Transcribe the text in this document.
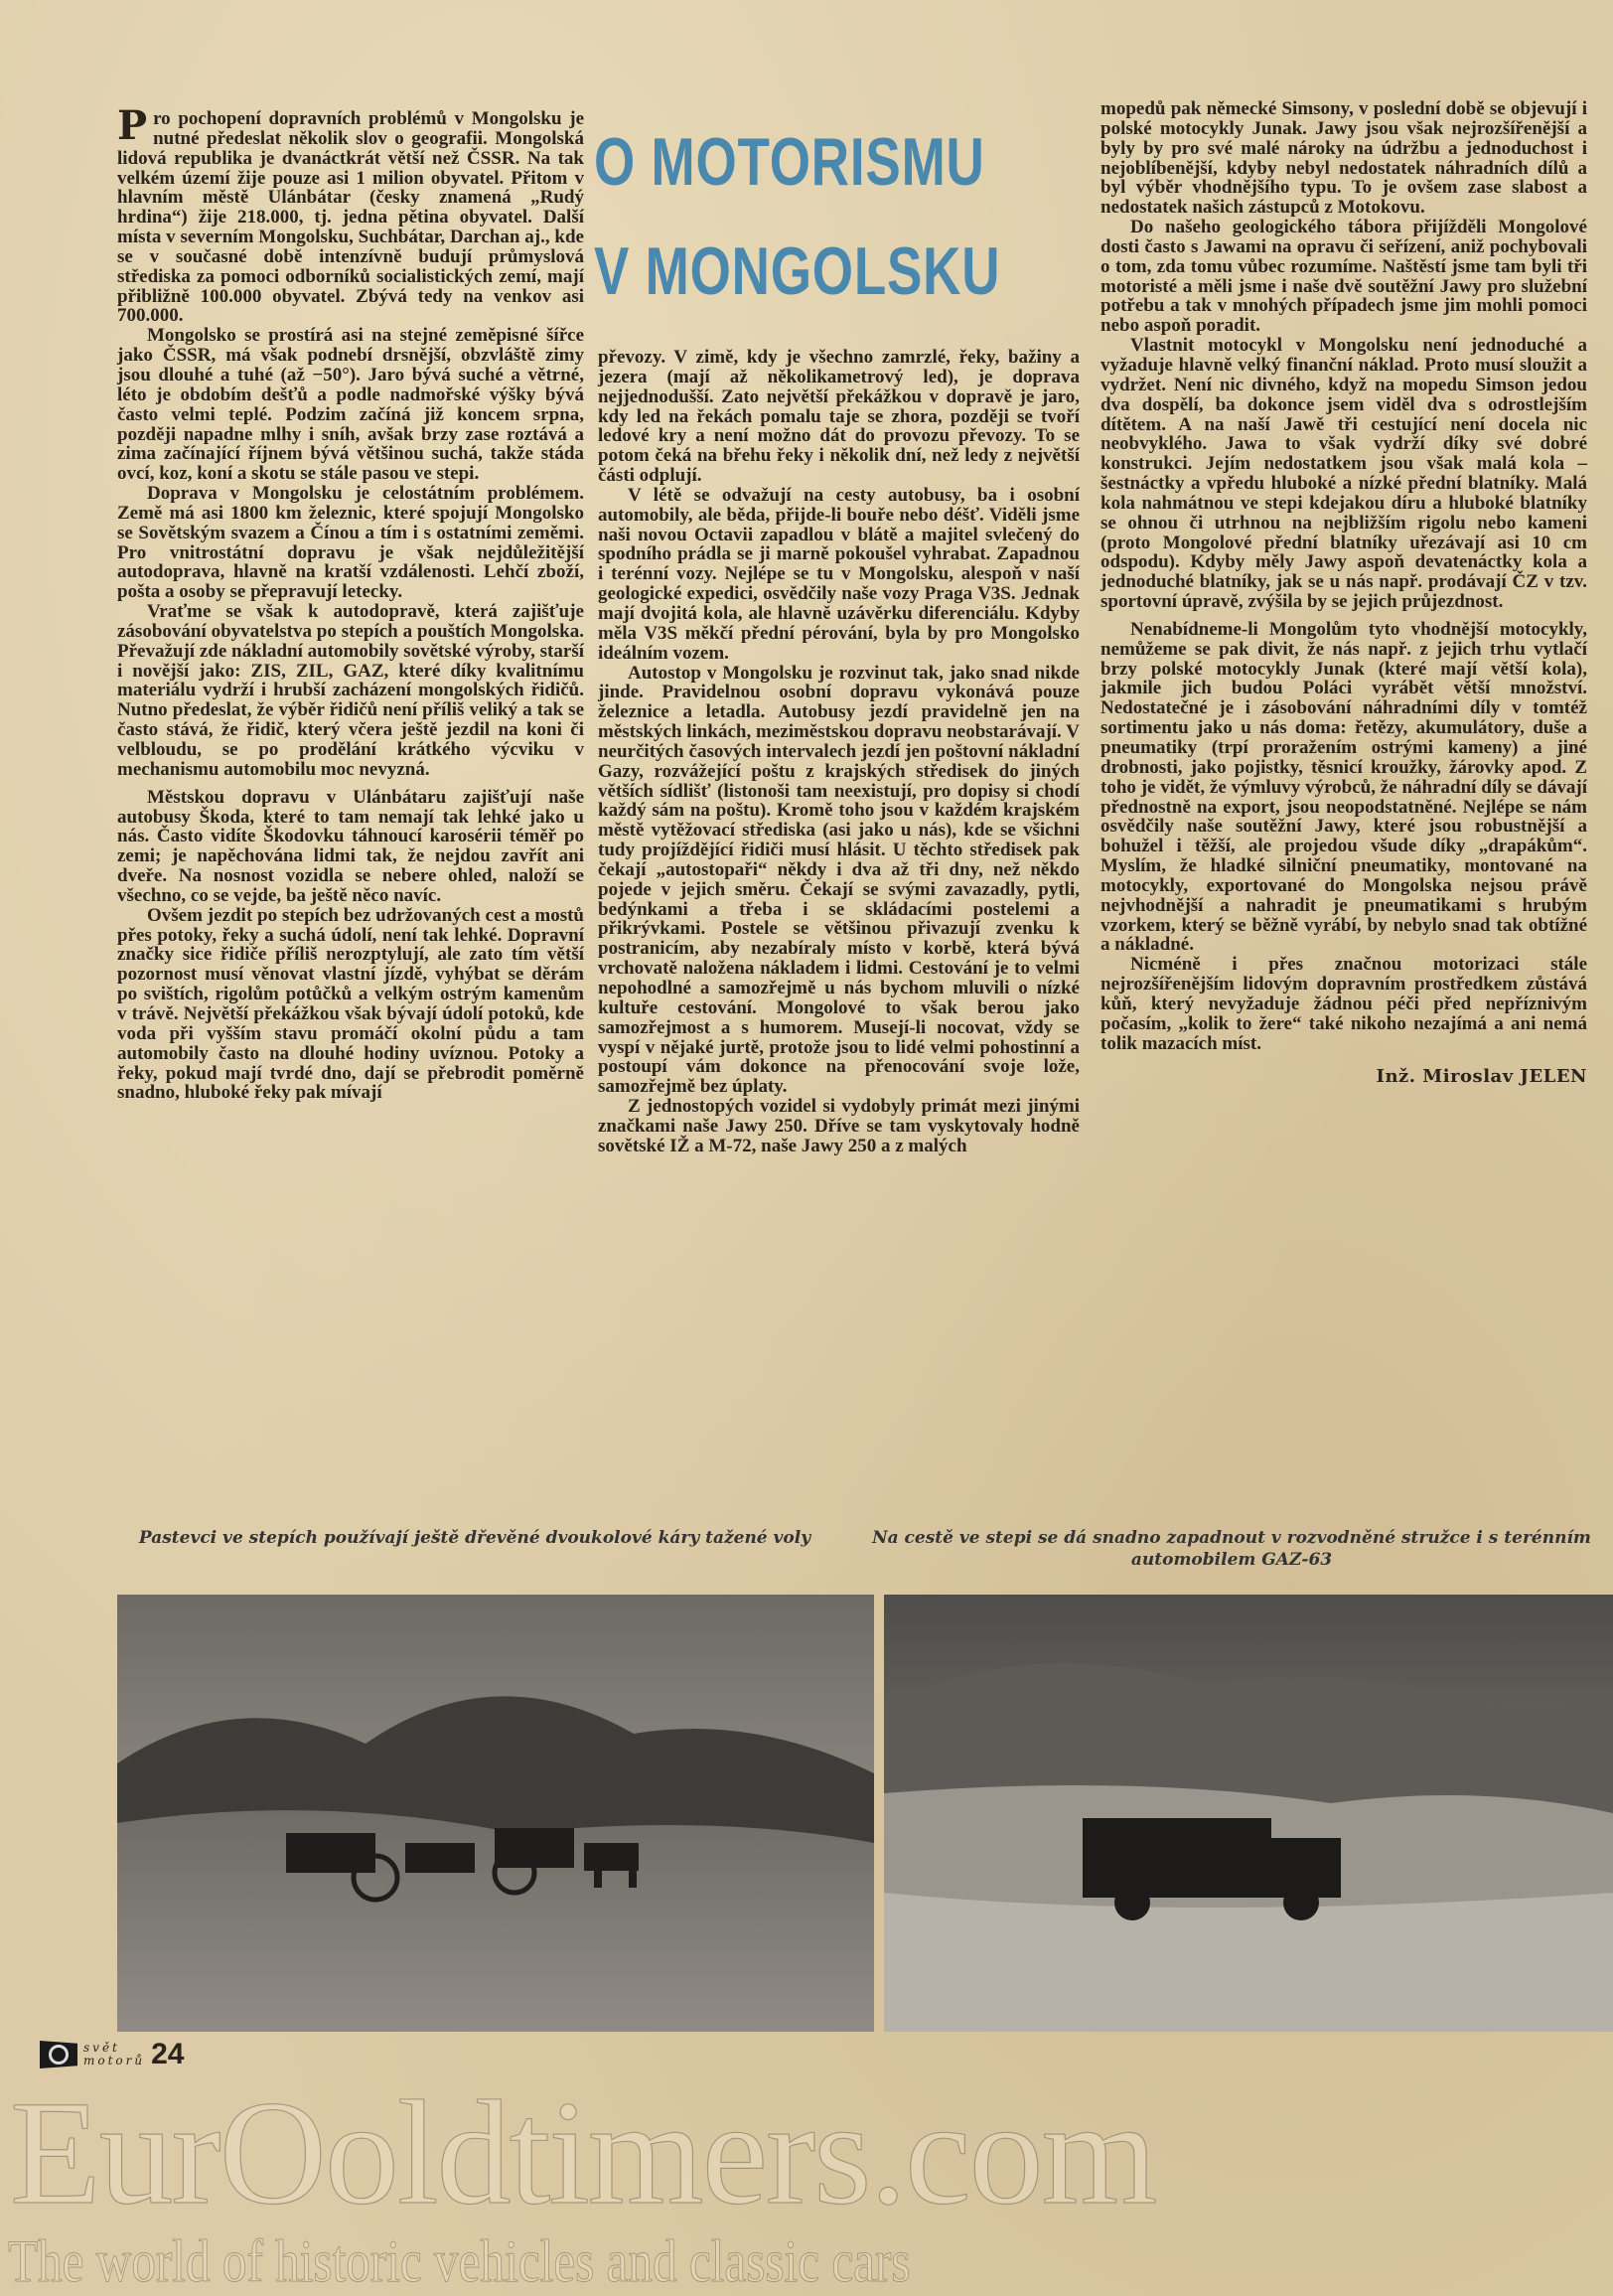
O MOTORISMU
V MONGOLSKU

Pro pochopení dopravních problémů v Mongolsku je nutné předeslat několik slov o geografii. Mongolská lidová republika je dvanáctkrát větší než ČSSR. Na tak velkém území žije pouze asi 1 milion obyvatel. Přitom v hlavním městě Ulánbátar (česky znamená „Rudý hrdina“) žije 218.000, tj. jedna pětina obyvatel. Další místa v severním Mongolsku, Suchbátar, Darchan aj., kde se v současné době intenzívně budují průmyslová střediska za pomoci odborníků socialistických zemí, mají přibližně 100.000 obyvatel. Zbývá tedy na venkov asi 700.000.

Mongolsko se prostírá asi na stejné zeměpisné šířce jako ČSSR, má však podnebí drsnější, obzvláště zimy jsou dlouhé a tuhé (až −50°). Jaro bývá suché a větrné, léto je obdobím dešťů a podle nadmořské výšky bývá často velmi teplé. Podzim začíná již koncem srpna, později napadne mlhy i sníh, avšak brzy zase roztává a zima začínající říjnem bývá většinou suchá, takže stáda ovcí, koz, koní a skotu se stále pasou ve stepi.

Doprava v Mongolsku je celostátním problémem. Země má asi 1800 km železnic, které spojují Mongolsko se Sovětským svazem a Čínou a tím i s ostatními zeměmi. Pro vnitrostátní dopravu je však nejdůležitější autodoprava, hlavně na kratší vzdálenosti. Lehčí zboží, pošta a osoby se přepravují letecky.

Vraťme se však k autodopravě, která zajišťuje zásobování obyvatelstva po stepích a pouštích Mongolska. Převažují zde nákladní automobily sovětské výroby, starší i novější jako: ZIS, ZIL, GAZ, které díky kvalitnímu materiálu vydrží i hrubší zacházení mongolských řidičů. Nutno předeslat, že výběr řidičů není příliš veliký a tak se často stává, že řidič, který včera ještě jezdil na koni či velbloudu, se po prodělání krátkého výcviku v mechanismu automobilu moc nevyzná.

Městskou dopravu v Ulánbátaru zajišťují naše autobusy Škoda, které to tam nemají tak lehké jako u nás. Často vidíte Škodovku táhnoucí karosérii téměř po zemi; je napěchována lidmi tak, že nejdou zavřít ani dveře. Na nosnost vozidla se nebere ohled, naloží se všechno, co se vejde, ba ještě něco navíc.

Ovšem jezdit po stepích bez udržovaných cest a mostů přes potoky, řeky a suchá údolí, není tak lehké. Dopravní značky sice řidiče příliš nerozptylují, ale zato tím větší pozornost musí věnovat vlastní jízdě, vyhýbat se děrám po svištích, rigolům potůčků a velkým ostrým kamenům v trávě. Největší překážkou však bývají údolí potoků, kde voda při vyšším stavu promáčí okolní půdu a tam automobily často na dlouhé hodiny uvíznou. Potoky a řeky, pokud mají tvrdé dno, dají se přebrodit poměrně snadno, hluboké řeky pak mívají

převozy. V zimě, kdy je všechno zamrzlé, řeky, bažiny a jezera (mají až několikametrový led), je doprava nejjednodušší. Zato největší překážkou v dopravě je jaro, kdy led na řekách pomalu taje se zhora, později se tvoří ledové kry a není možno dát do provozu převozy. To se potom čeká na břehu řeky i několik dní, než ledy z největší části odplují.

V létě se odvažují na cesty autobusy, ba i osobní automobily, ale běda, přijde-li bouře nebo déšť. Viděli jsme naši novou Octavii zapadlou v blátě a majitel svlečený do spodního prádla se ji marně pokoušel vyhrabat. Zapadnou i terénní vozy. Nejlépe se tu v Mongolsku, alespoň v naší geologické expedici, osvědčily naše vozy Praga V3S. Jednak mají dvojitá kola, ale hlavně uzávěrku diferenciálu. Kdyby měla V3S měkčí přední pérování, byla by pro Mongolsko ideálním vozem.

Autostop v Mongolsku je rozvinut tak, jako snad nikde jinde. Pravidelnou osobní dopravu vykonává pouze železnice a letadla. Autobusy jezdí pravidelně jen na městských linkách, meziměstskou dopravu neobstarávají. V neurčitých časových intervalech jezdí jen poštovní nákladní Gazy, rozvážející poštu z krajských středisek do jiných větších sídlišť (listonoši tam neexistují, pro dopisy si chodí každý sám na poštu). Kromě toho jsou v každém krajském městě vytěžovací střediska (asi jako u nás), kde se všichni tudy projíždějící řidiči musí hlásit. U těchto středisek pak čekají „autostopaři“ někdy i dva až tři dny, než někdo pojede v jejich směru. Čekají se svými zavazadly, pytli, bedýnkami a třeba i se skládacími postelemi a přikrývkami. Postele se většinou přivazují zvenku k postranicím, aby nezabíraly místo v korbě, která bývá vrchovatě naložena nákladem i lidmi. Cestování je to velmi nepohodlné a samozřejmě u nás bychom mluvili o nízké kultuře cestování. Mongolové to však berou jako samozřejmost a s humorem. Musejí-li nocovat, vždy se vyspí v nějaké jurtě, protože jsou to lidé velmi pohostinní a postoupí vám dokonce na přenocování svoje lože, samozřejmě bez úplaty.

Z jednostopých vozidel si vydobyly primát mezi jinými značkami naše Jawy 250. Dříve se tam vyskytovaly hodně sovětské IŽ a M-72, naše Jawy 250 a z malých

mopedů pak německé Simsony, v poslední době se objevují i polské motocykly Junak. Jawy jsou však nejrozšířenější a byly by pro své malé nároky na údržbu a jednoduchost i nejoblíbenější, kdyby nebyl nedostatek náhradních dílů a byl výběr vhodnějšího typu. To je ovšem zase slabost a nedostatek našich zástupců z Motokovu.

Do našeho geologického tábora přijížděli Mongolové dosti často s Jawami na opravu či seřízení, aniž pochybovali o tom, zda tomu vůbec rozumíme. Naštěstí jsme tam byli tři motoristé a měli jsme i naše dvě soutěžní Jawy pro služební potřebu a tak v mnohých případech jsme jim mohli pomoci nebo aspoň poradit.

Vlastnit motocykl v Mongolsku není jednoduché a vyžaduje hlavně velký finanční náklad. Proto musí sloužit a vydržet. Není nic divného, když na mopedu Simson jedou dva dospělí, ba dokonce jsem viděl dva s odrostlejším dítětem. A na naší Jawě tři cestující není docela nic neobvyklého. Jawa to však vydrží díky své dobré konstrukci. Jejím nedostatkem jsou však malá kola – šestnáctky a vpředu hluboké a nízké přední blatníky. Malá kola nahmátnou ve stepi kdejakou díru a hluboké blatníky se ohnou či utrhnou na nejbližším rigolu nebo kameni (proto Mongolové přední blatníky uřezávají asi 10 cm odspodu). Kdyby měly Jawy aspoň devatenáctky kola a jednoduché blatníky, jak se u nás např. prodávají ČZ v tzv. sportovní úpravě, zvýšila by se jejich průjezdnost.

Nenabídneme-li Mongolům tyto vhodnější motocykly, nemůžeme se pak divit, že nás např. z jejich trhu vytlačí brzy polské motocykly Junak (které mají větší kola), jakmile jich budou Poláci vyrábět větší množství. Nedostatečné je i zásobování náhradními díly v tomtéž sortimentu jako u nás doma: řetězy, akumulátory, duše a pneumatiky (trpí proražením ostrými kameny) a jiné drobnosti, jako pojistky, těsnicí kroužky, žárovky apod. Z toho je vidět, že výmluvy výrobců, že náhradní díly se dávají přednostně na export, jsou neopodstatněné. Nejlépe se nám osvědčily naše soutěžní Jawy, které jsou robustnější a bohužel i těžší, ale projedou všude díky „drapákům“. Myslím, že hladké silniční pneumatiky, montované na motocykly, exportované do Mongolska nejsou právě nejvhodnější a nahradit je pneumatikami s hrubým vzorkem, který se běžně vyrábí, by nebylo snad tak obtížné a nákladné.

Nicméně i přes značnou motorizaci stále nejrozšířenějším lidovým dopravním prostředkem zůstává kůň, který nevyžaduje žádnou péči před nepříznivým počasím, „kolik to žere“ také nikoho nezajímá a ani nemá tolik mazacích míst.

Inž. Miroslav JELEN
Pastevci ve stepích používají ještě dřevěné dvoukolové káry tažené voly	Na cestě ve stepi se dá snadno zapadnout v rozvodněné stružce i s terénním automobilem GAZ-63
EurOoldtimers.com
The world of historic vehicles and classic cars
svět
motorů 24
